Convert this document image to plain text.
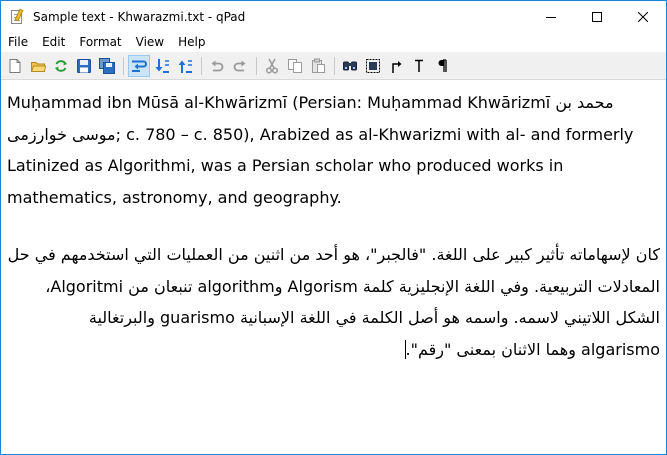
Sample text - Khwarazmi.txt - qPad
File	Edit	Format	View	Help

Muḥammad ibn Mūsā al-Khwārizmī (Persian: Muḥammad Khwārizmī محمد بن موسی خوارزمی; c. 780 – c. 850), Arabized as al-Khwarizmi with al- and formerly Latinized as Algorithmi, was a Persian scholar who produced works in mathematics, astronomy, and geography.

كان لإسهاماته تأثير كبير على اللغة. "فالجبر"، هو أحد من اثنين من العمليات التي استخدمهم في حل المعادلات التربيعية. وفي اللغة الإنجليزية كلمة Algorism وalgorithm تنبعان من Algoritmi، الشكل اللاتيني لاسمه. واسمه هو أصل الكلمة في اللغة الإسبانية guarismo والبرتغالية algarismo وهما الاثنان بمعنى "رقم".
